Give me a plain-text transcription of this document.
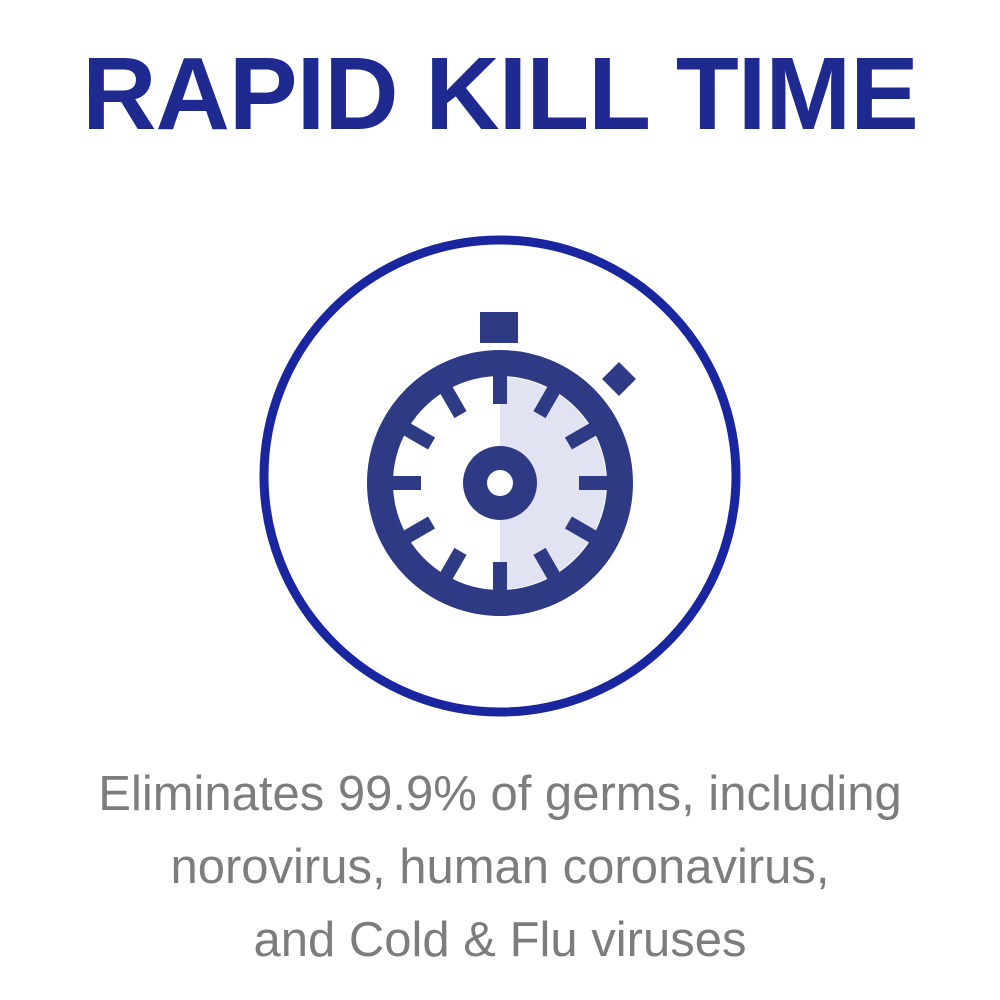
RAPID KILL TIME

Eliminates 99.9% of germs, including

norovirus, human coronavirus,

and Cold & Flu viruses
